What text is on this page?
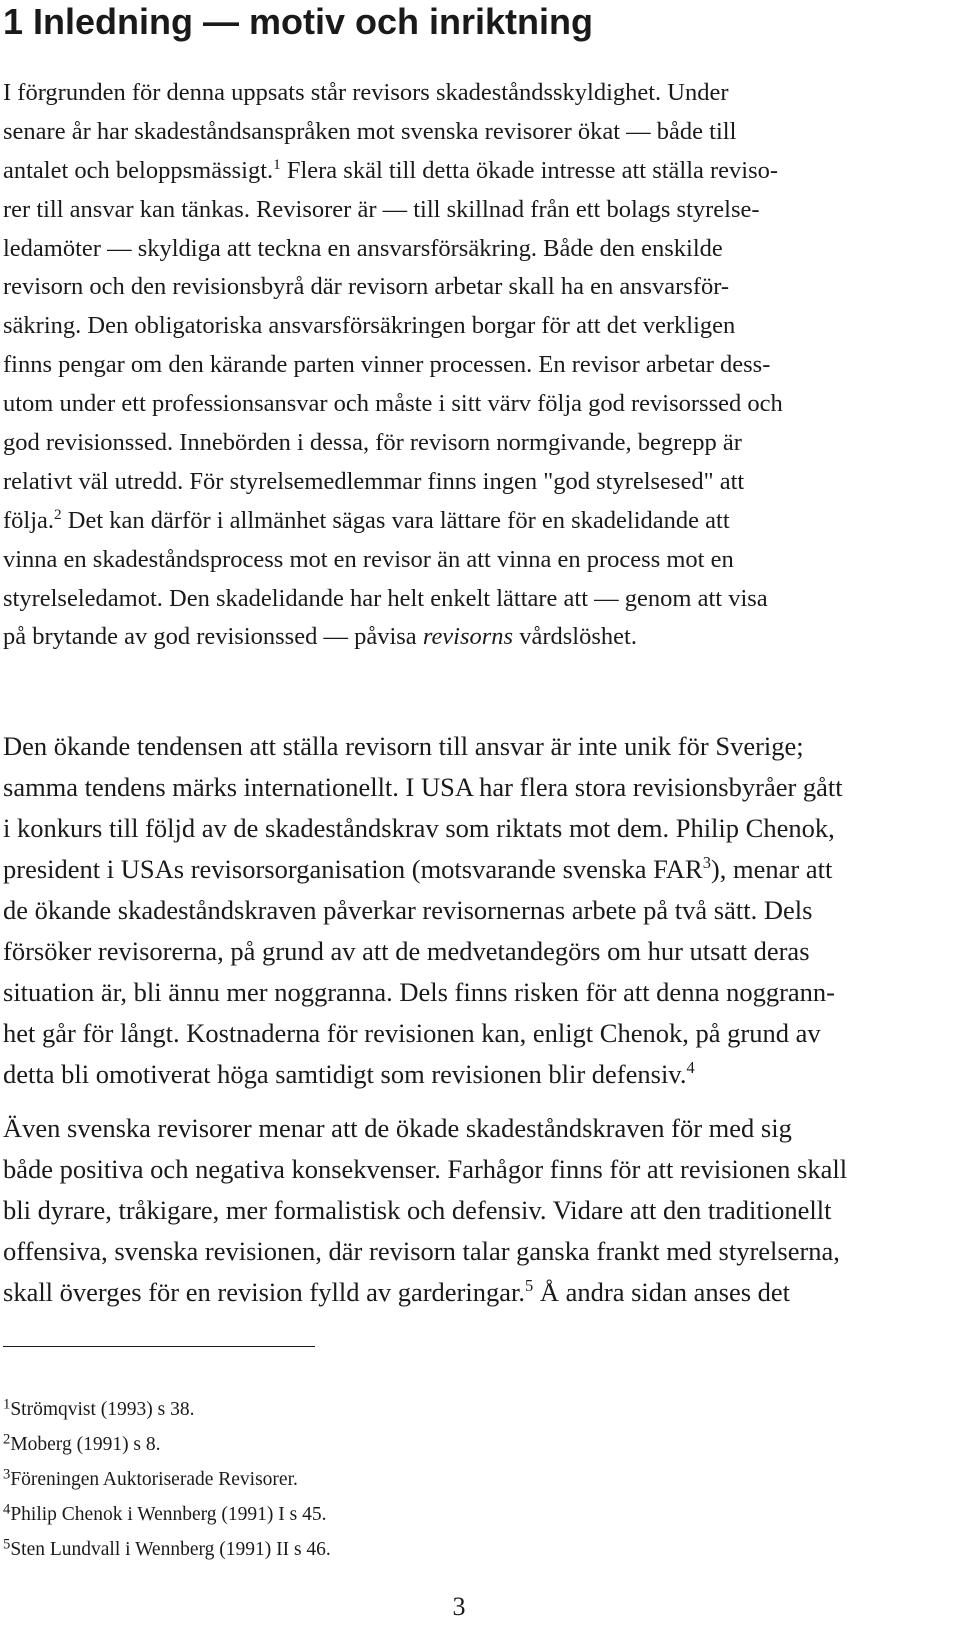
1 Inledning — motiv och inriktning
I förgrunden för denna uppsats står revisors skadeståndsskyldighet. Under
senare år har skadeståndsanspråken mot svenska revisorer ökat — både till
antalet och beloppsmässigt.$^1$ Flera skäl till detta ökade intresse att ställa reviso-
rer till ansvar kan tänkas. Revisorer är — till skillnad från ett bolags styrelse-
ledamöter — skyldiga att teckna en ansvarsförsäkring. Både den enskilde
revisorn och den revisionsbyrå där revisorn arbetar skall ha en ansvarsför-
säkring. Den obligatoriska ansvarsförsäkringen borgar för att det verkligen
finns pengar om den kärande parten vinner processen. En revisor arbetar dess-
utom under ett professionsansvar och måste i sitt värv följa god revisorssed och
god revisionssed. Innebörden i dessa, för revisorn normgivande, begrepp är
relativt väl utredd. För styrelsemedlemmar finns ingen "god styrelsesed" att
följa.$^2$ Det kan därför i allmänhet sägas vara lättare för en skadelidande att
vinna en skadeståndsprocess mot en revisor än att vinna en process mot en
styrelseledamot. Den skadelidande har helt enkelt lättare att — genom att visa
på brytande av god revisionssed — påvisa revisorns vårdslöshet.
Den ökande tendensen att ställa revisorn till ansvar är inte unik för Sverige;
samma tendens märks internationellt. I USA har flera stora revisionsbyråer gått
i konkurs till följd av de skadeståndskrav som riktats mot dem. Philip Chenok,
president i USAs revisorsorganisation (motsvarande svenska FAR$^3$), menar att
de ökande skadeståndskraven påverkar revisornernas arbete på två sätt. Dels
försöker revisorerna, på grund av att de medvetandegörs om hur utsatt deras
situation är, bli ännu mer noggranna. Dels finns risken för att denna noggrann-
het går för långt. Kostnaderna för revisionen kan, enligt Chenok, på grund av
detta bli omotiverat höga samtidigt som revisionen blir defensiv.$^4$
Även svenska revisorer menar att de ökade skadeståndskraven för med sig
både positiva och negativa konsekvenser. Farhågor finns för att revisionen skall
bli dyrare, tråkigare, mer formalistisk och defensiv. Vidare att den traditionellt
offensiva, svenska revisionen, där revisorn talar ganska frankt med styrelserna,
skall överges för en revision fylld av garderingar.$^5$ Å andra sidan anses det
$^1$Strömqvist (1993) s 38.
$^2$Moberg (1991) s 8.
$^3$Föreningen Auktoriserade Revisorer.
$^4$Philip Chenok i Wennberg (1991) I s 45.
$^5$Sten Lundvall i Wennberg (1991) II s 46.
3
